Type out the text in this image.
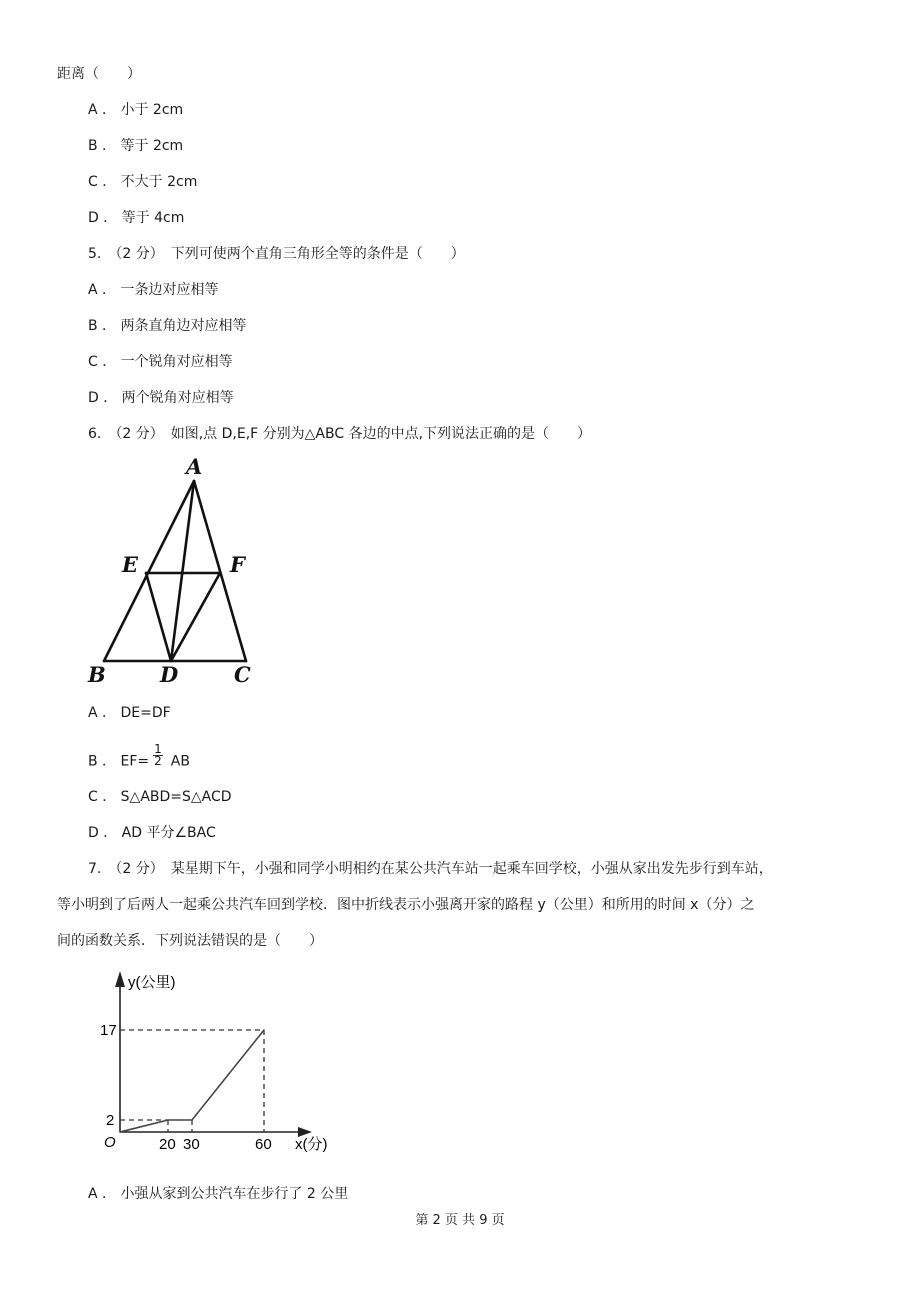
距离（　　）
A ． 小于 2cm
B ． 等于 2cm
C ． 不大于 2cm
D ． 等于 4cm
5.　（2 分）　下列可使两个直角三角形全等的条件是（　　）
A ． 一条边对应相等
B ． 两条直角边对应相等
C ． 一个锐角对应相等
D ． 两个锐角对应相等
6.　（2 分）　如图,点 D,E,F 分别为△ABC 各边的中点,下列说法正确的是（　　）
A
E	F
B	D	C
A ． DE=DF
B ． $EF= \frac{1}{2}$ AB
C ． S△ABD=S△ACD
D ． AD 平分∠BAC
7.　（2 分）　某星期下午，小强和同学小明相约在某公共汽车站一起乘车回学校，小强从家出发先步行到车站，
等小明到了后两人一起乘公共汽车回到学校．图中折线表示小强离开家的路程 y（公里）和所用的时间 x（分）之
间的函数关系．下列说法错误的是（　　）
17
2
O	20 30	60 x(分)
y(公里)
A ． 小强从家到公共汽车在步行了 2 公里
第 2 页 共 9 页
